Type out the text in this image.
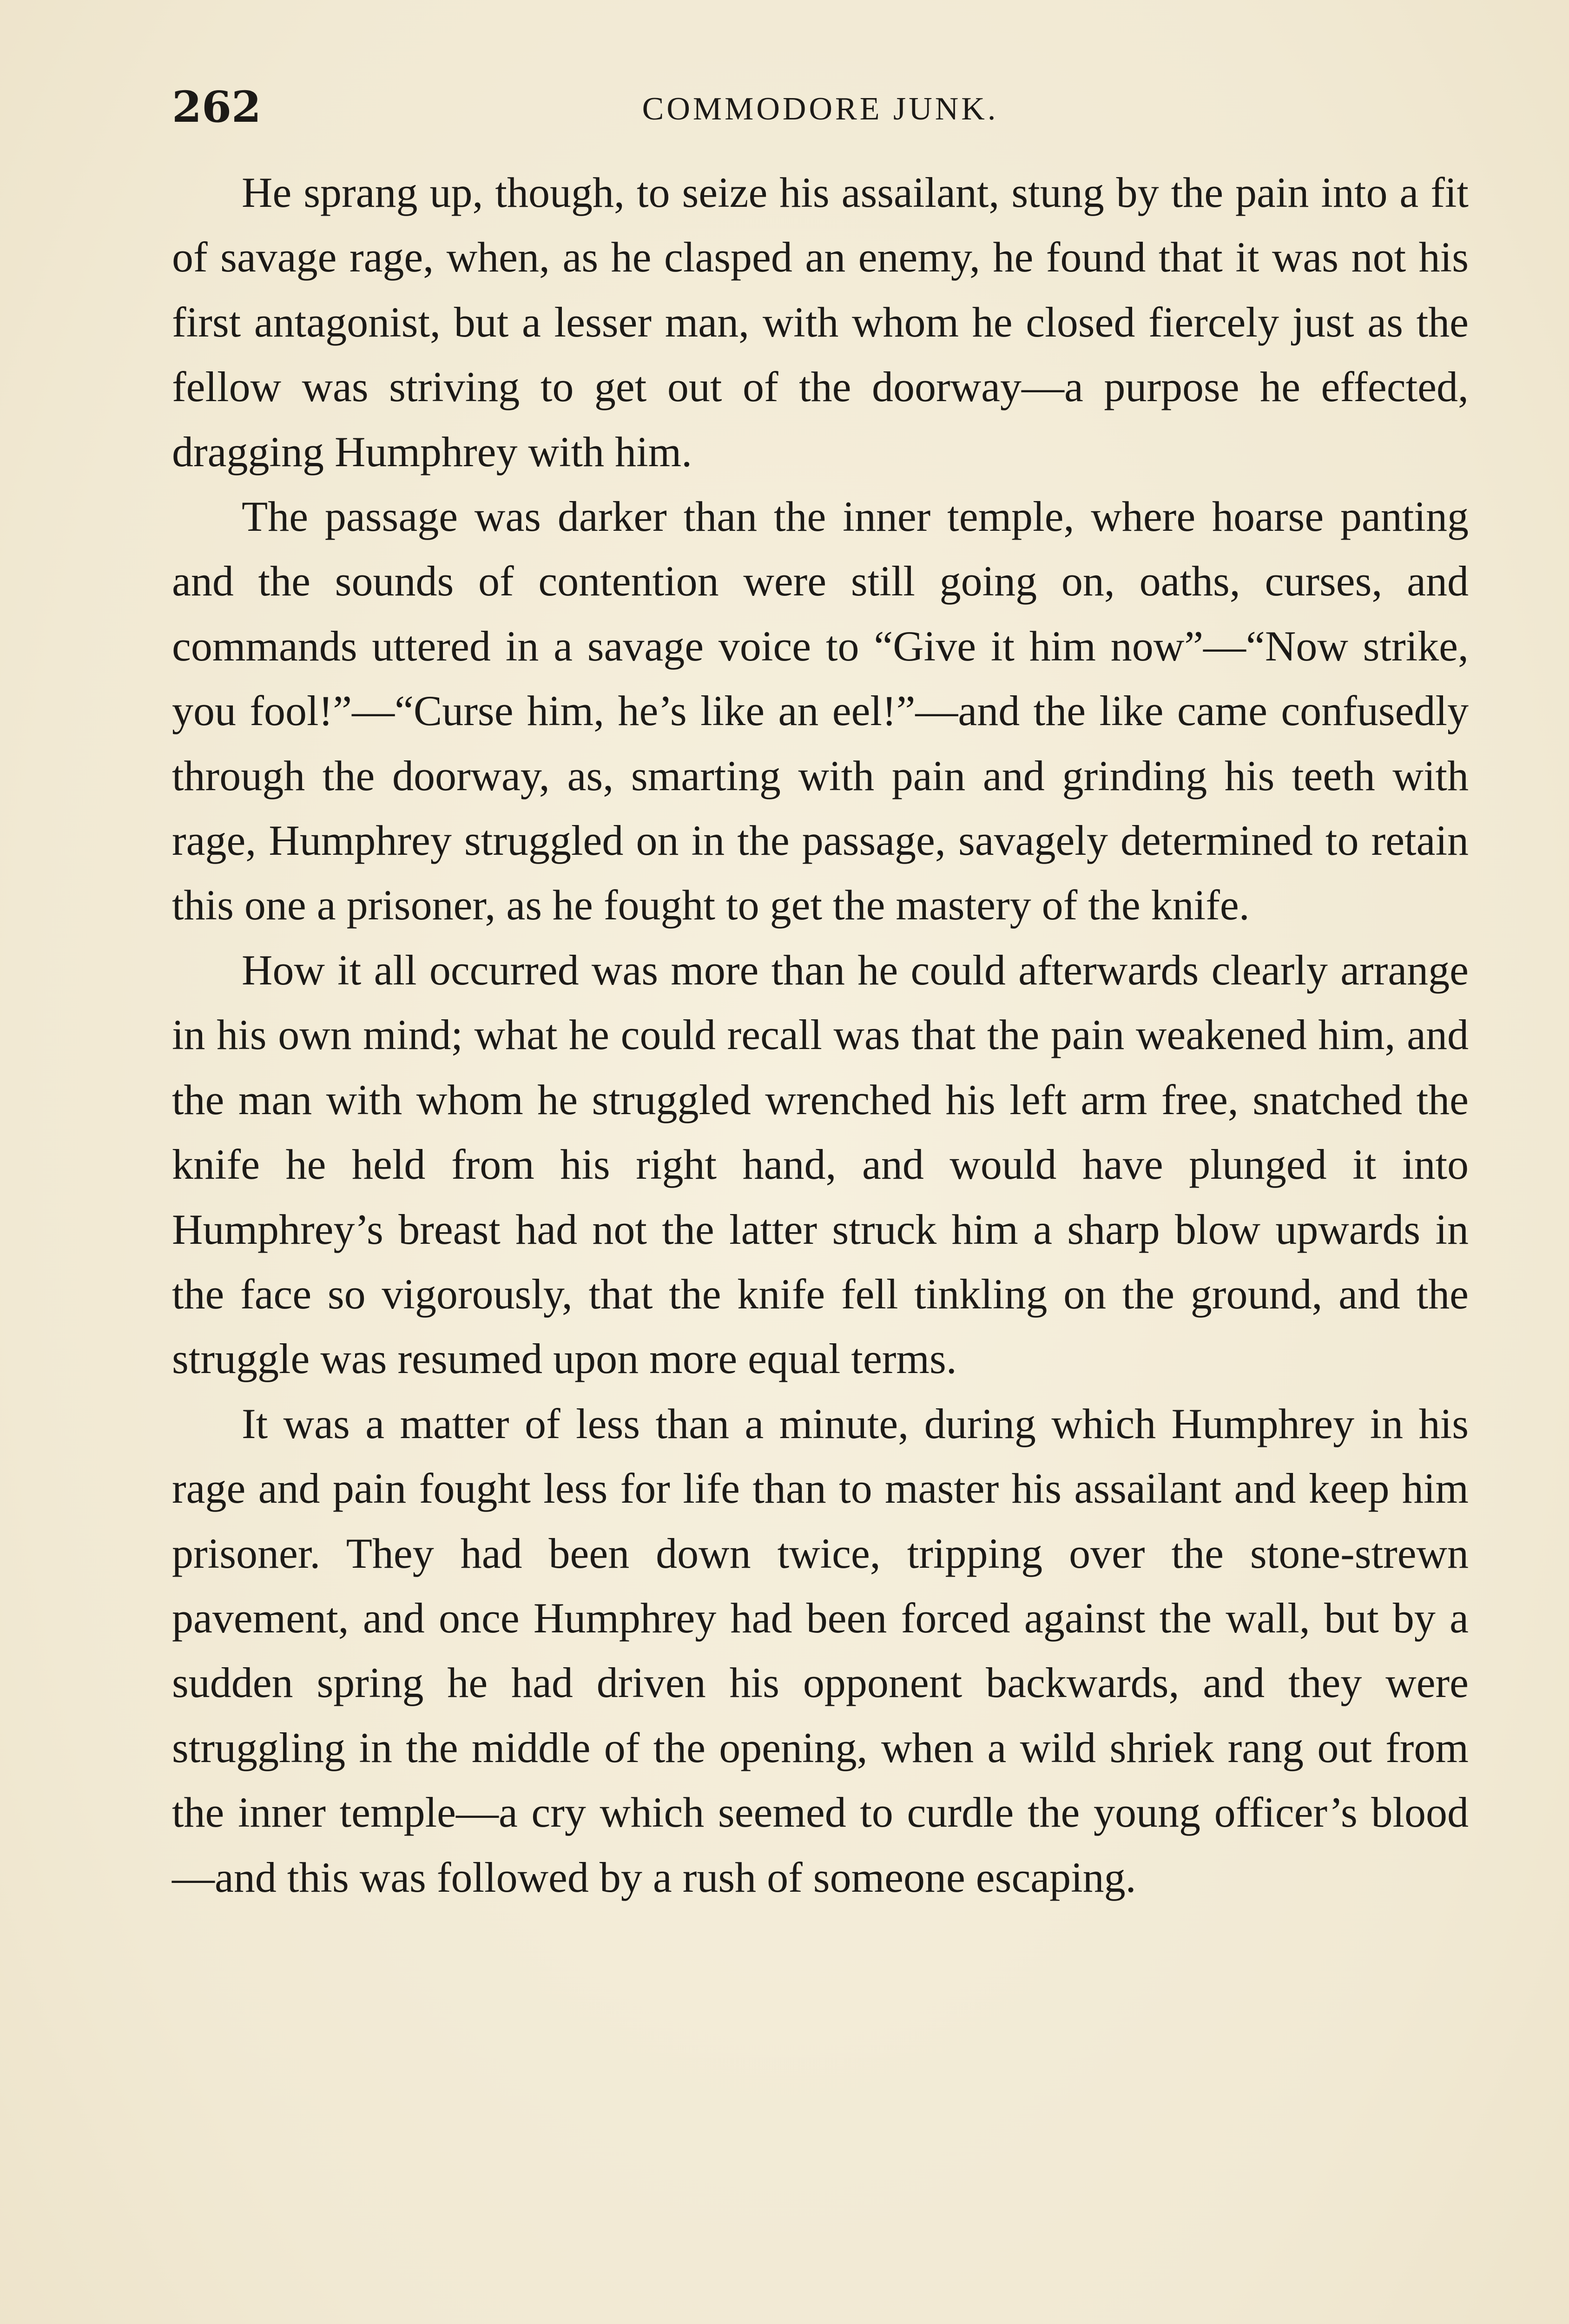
262	COMMODORE JUNK.

He sprang up, though, to seize his assailant, stung by the pain into a fit of savage rage, when, as he clasped an enemy, he found that it was not his first antagonist, but a lesser man, with whom he closed fiercely just as the fellow was striving to get out of the doorway—a purpose he effected, dragging Humphrey with him.

The passage was darker than the inner temple, where hoarse panting and the sounds of contention were still going on, oaths, curses, and commands uttered in a savage voice to “Give it him now”—“Now strike, you fool!”—“Curse him, he’s like an eel!”—and the like came confusedly through the doorway, as, smarting with pain and grinding his teeth with rage, Humphrey struggled on in the passage, savagely determined to retain this one a prisoner, as he fought to get the mastery of the knife.

How it all occurred was more than he could afterwards clearly arrange in his own mind; what he could recall was that the pain weakened him, and the man with whom he struggled wrenched his left arm free, snatched the knife he held from his right hand, and would have plunged it into Humphrey’s breast had not the latter struck him a sharp blow upwards in the face so vigorously, that the knife fell tinkling on the ground, and the struggle was resumed upon more equal terms.

It was a matter of less than a minute, during which Humphrey in his rage and pain fought less for life than to master his assailant and keep him prisoner. They had been down twice, tripping over the stone-strewn pavement, and once Humphrey had been forced against the wall, but by a sudden spring he had driven his opponent backwards, and they were struggling in the middle of the opening, when a wild shriek rang out from the inner temple—a cry which seemed to curdle the young officer’s blood—and this was followed by a rush of someone escaping.
